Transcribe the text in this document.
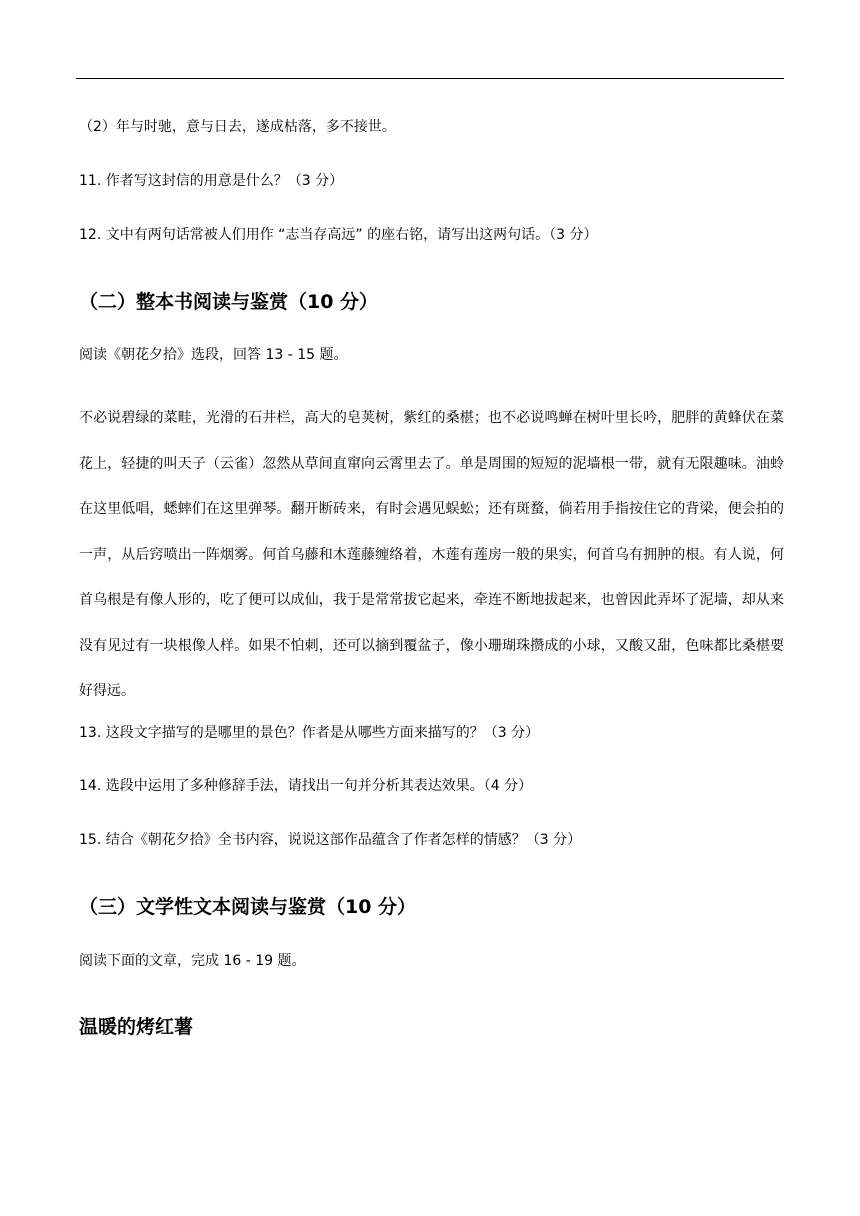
（2）年与时驰，意与日去，遂成枯落，多不接世。
11. 作者写这封信的用意是什么？（3 分）
12. 文中有两句话常被人们用作 “志当存高远” 的座右铭，请写出这两句话。（3 分）
（二）整本书阅读与鉴赏（10 分）
阅读《朝花夕拾》选段，回答 13 - 15 题。
不必说碧绿的菜畦，光滑的石井栏，高大的皂荚树，紫红的桑椹；也不必说鸣蝉在树叶里长吟，肥胖的黄蜂伏在菜花上，轻捷的叫天子（云雀）忽然从草间直窜向云霄里去了。单是周围的短短的泥墙根一带，就有无限趣味。油蛉在这里低唱，蟋蟀们在这里弹琴。翻开断砖来，有时会遇见蜈蚣；还有斑蝥，倘若用手指按住它的背梁，便会拍的一声，从后窍喷出一阵烟雾。何首乌藤和木莲藤缠络着，木莲有莲房一般的果实，何首乌有拥肿的根。有人说，何首乌根是有像人形的，吃了便可以成仙，我于是常常拔它起来，牵连不断地拔起来，也曾因此弄坏了泥墙，却从来没有见过有一块根像人样。如果不怕刺，还可以摘到覆盆子，像小珊瑚珠攒成的小球，又酸又甜，色味都比桑椹要好得远。
13. 这段文字描写的是哪里的景色？作者是从哪些方面来描写的？（3 分）
14. 选段中运用了多种修辞手法，请找出一句并分析其表达效果。（4 分）
15. 结合《朝花夕拾》全书内容，说说这部作品蕴含了作者怎样的情感？（3 分）
（三）文学性文本阅读与鉴赏（10 分）
阅读下面的文章，完成 16 - 19 题。
温暖的烤红薯
